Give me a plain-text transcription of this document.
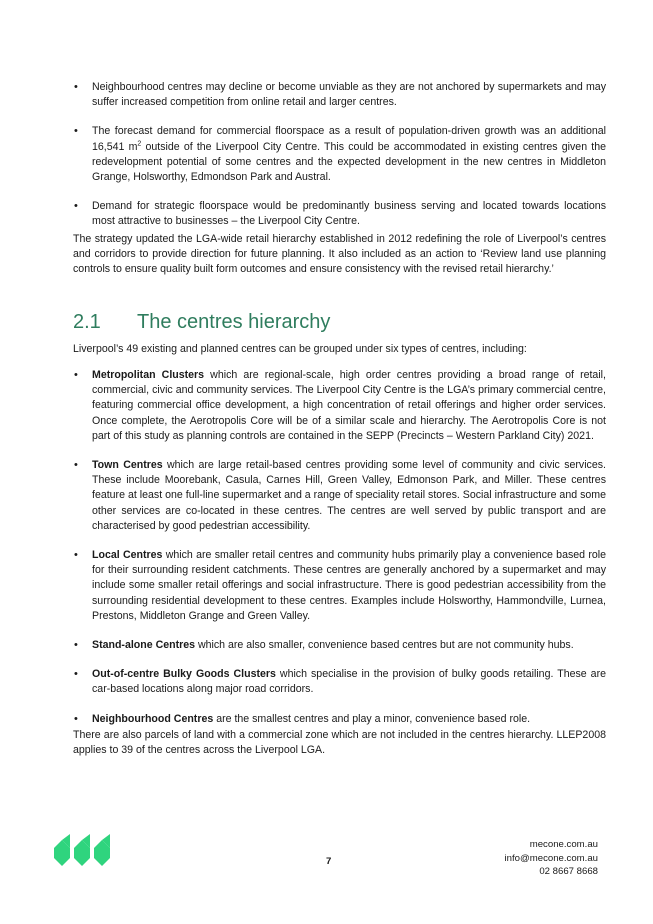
• Neighbourhood centres may decline or become unviable as they are not anchored by supermarkets and may suffer increased competition from online retail and larger centres.
• The forecast demand for commercial floorspace as a result of population-driven growth was an additional 16,541 $m^2$ outside of the Liverpool City Centre. This could be accommodated in existing centres given the redevelopment potential of some centres and the expected development in the new centres in Middleton Grange, Holsworthy, Edmondson Park and Austral.
• Demand for strategic floorspace would be predominantly business serving and located towards locations most attractive to businesses – the Liverpool City Centre.

The strategy updated the LGA-wide retail hierarchy established in 2012 redefining the role of Liverpool’s centres and corridors to provide direction for future planning. It also included as an action to ‘Review land use planning controls to ensure quality built form outcomes and ensure consistency with the revised retail hierarchy.’

2.1 The centres hierarchy

Liverpool’s 49 existing and planned centres can be grouped under six types of centres, including:

• Metropolitan Clusters which are regional-scale, high order centres providing a broad range of retail, commercial, civic and community services. The Liverpool City Centre is the LGA’s primary commercial centre, featuring commercial office development, a high concentration of retail offerings and higher order services. Once complete, the Aerotropolis Core will be of a similar scale and hierarchy. The Aerotropolis Core is not part of this study as planning controls are contained in the SEPP (Precincts – Western Parkland City) 2021.
• Town Centres which are large retail-based centres providing some level of community and civic services. These include Moorebank, Casula, Carnes Hill, Green Valley, Edmonson Park, and Miller. These centres feature at least one full-line supermarket and a range of speciality retail stores. Social infrastructure and some other services are co-located in these centres. The centres are well served by public transport and are characterised by good pedestrian accessibility.
• Local Centres which are smaller retail centres and community hubs primarily play a convenience based role for their surrounding resident catchments. These centres are generally anchored by a supermarket and may include some smaller retail offerings and social infrastructure. There is good pedestrian accessibility from the surrounding residential development to these centres. Examples include Holsworthy, Hammondville, Lurnea, Prestons, Middleton Grange and Green Valley.
• Stand-alone Centres which are also smaller, convenience based centres but are not community hubs.
• Out-of-centre Bulky Goods Clusters which specialise in the provision of bulky goods retailing. These are car-based locations along major road corridors.
• Neighbourhood Centres are the smallest centres and play a minor, convenience based role.

There are also parcels of land with a commercial zone which are not included in the centres hierarchy. LLEP2008 applies to 39 of the centres across the Liverpool LGA.

7
mecone.com.au
info@mecone.com.au
02 8667 8668
